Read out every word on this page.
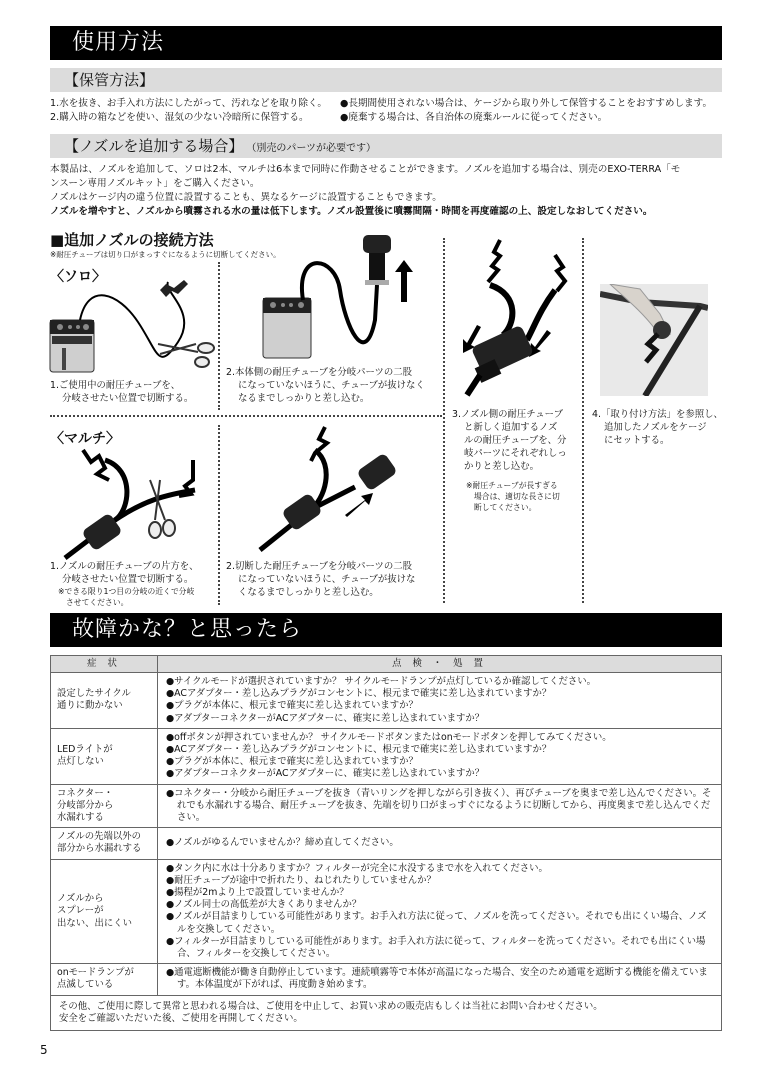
使用方法
【保管方法】
1.水を抜き、お手入れ方法にしたがって、汚れなどを取り除く。
2.購入時の箱などを使い、湿気の少ない冷暗所に保管する。
●長期間使用されない場合は、ケージから取り外して保管することをおすすめします。
●廃棄する場合は、各自治体の廃棄ルールに従ってください。
【ノズルを追加する場合】 （別売のパーツが必要です）
本製品は、ノズルを追加して、ソロは2本、マルチは6本まで同時に作動させることができます。ノズルを追加する場合は、別売のEXO-TERRA「モ
ンスーン専用ノズルキット」をご購入ください。
ノズルはケージ内の違う位置に設置することも、異なるケージに設置することもできます。
ノズルを増やすと、ノズルから噴霧される水の量は低下します。ノズル設置後に噴霧間隔・時間を再度確認の上、設定しなおしてください。
■追加ノズルの接続方法
※耐圧チューブは切り口がまっすぐになるように切断してください。
〈ソロ〉
1.ご使用中の耐圧チューブを、
分岐させたい位置で切断する。
2.本体側の耐圧チューブを分岐パーツの二股
になっていないほうに、チューブが抜けなく
なるまでしっかりと差し込む。
〈マルチ〉
1.ノズルの耐圧チューブの片方を、
分岐させたい位置で切断する。
※できる限り1つ目の分岐の近くで分岐
させてください。
2.切断した耐圧チューブを分岐パーツの二股
になっていないほうに、チューブが抜けな
くなるまでしっかりと差し込む。
3.ノズル側の耐圧チューブ
と新しく追加するノズ
ルの耐圧チューブを、分
岐パーツにそれぞれしっ
かりと差し込む。
※耐圧チューブが長すぎる
場合は、適切な長さに切
断してください。
4.「取り付け方法」を参照し、
追加したノズルをケージ
にセットする。
故障かな？と思ったら
症 状	点 検 ・ 処 置

設定したサイクル
通りに動かない

●サイクルモードが選択されていますか？ サイクルモードランプが点灯しているか確認してください。
●ACアダプター・差し込みプラグがコンセントに、根元まで確実に差し込まれていますか？
●プラグが本体に、根元まで確実に差し込まれていますか？
●アダプターコネクターがACアダプターに、確実に差し込まれていますか？

LEDライトが
点灯しない

●offボタンが押されていませんか？ サイクルモードボタンまたはonモードボタンを押してみてください。
●ACアダプター・差し込みプラグがコンセントに、根元まで確実に差し込まれていますか？
●プラグが本体に、根元まで確実に差し込まれていますか？
●アダプターコネクターがACアダプターに、確実に差し込まれていますか？

コネクター・
分岐部分から
水漏れする	●コネクター・分岐から耐圧チューブを抜き（青いリングを押しながら引き抜く）、再びチューブを奥まで差し込んでください。それでも水漏れする場合、耐圧チューブを抜き、先端を切り口がまっすぐになるように切断してから、再度奥まで差し込んでください。

ノズルの先端以外の
部分から水漏れする	●ノズルがゆるんでいませんか？締め直してください。

ノズルから
スプレーが
出ない、出にくい

●タンク内に水は十分ありますか？フィルターが完全に水没するまで水を入れてください。
●耐圧チューブが途中で折れたり、ねじれたりしていませんか？
●揚程が2mより上で設置していませんか？
●ノズル同士の高低差が大きくありませんか？
●ノズルが目詰まりしている可能性があります。お手入れ方法に従って、ノズルを洗ってください。それでも出にくい場合、ノズルを交換してください。
●フィルターが目詰まりしている可能性があります。お手入れ方法に従って、フィルターを洗ってください。それでも出にくい場合、フィルターを交換してください。

onモードランプが
点滅している	●通電遮断機能が働き自動停止しています。連続噴霧等で本体が高温になった場合、安全のため通電を遮断する機能を備えています。本体温度が下がれば、再度動き始めます。

その他、ご使用に際して異常と思われる場合は、ご使用を中止して、お買い求めの販売店もしくは当社にお問い合わせください。
安全をご確認いただいた後、ご使用を再開してください。	
5
